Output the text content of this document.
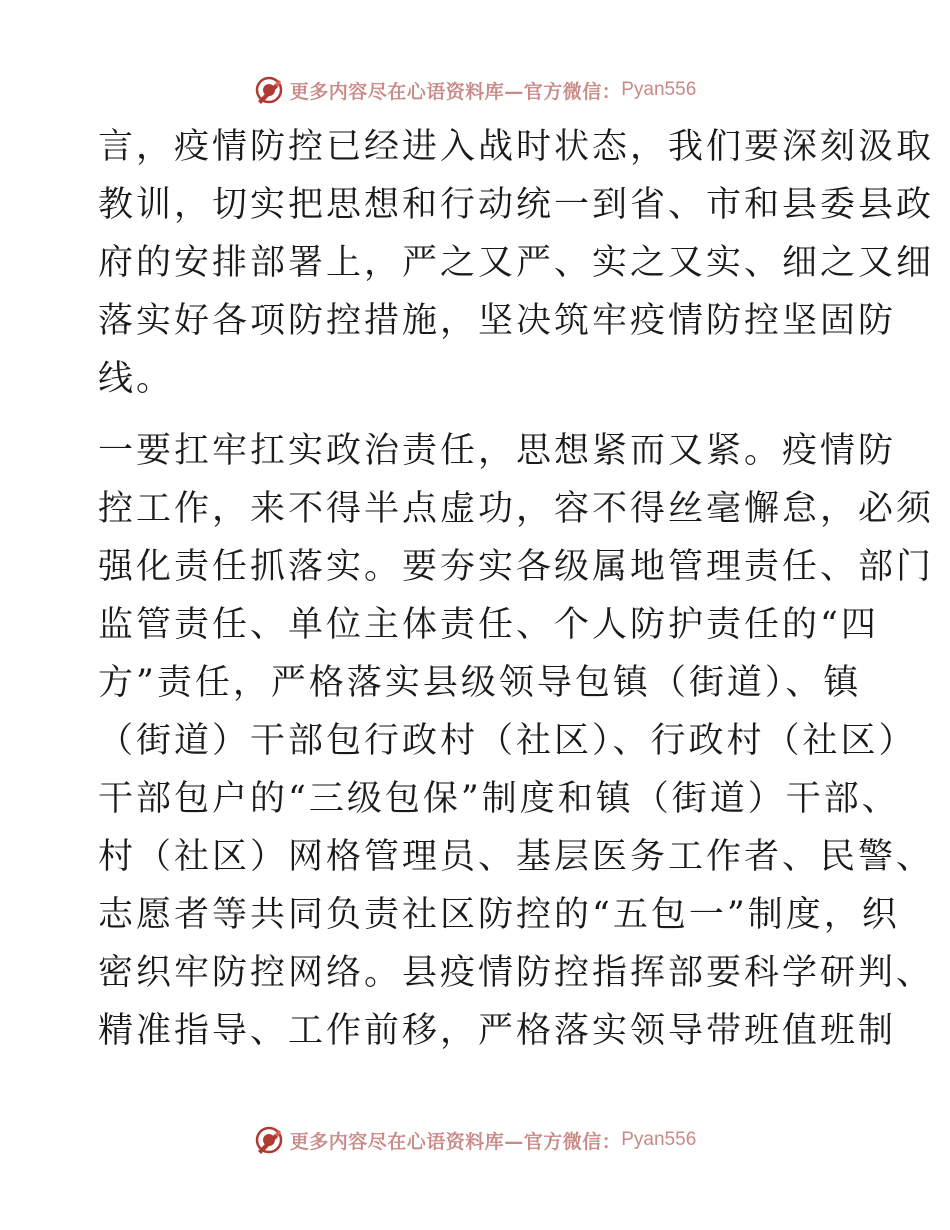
更多内容尽在心语资料库—官方微信： Pyan556
言，疫情防控已经进入战时状态，我们要深刻汲取
教训，切实把思想和行动统一到省、市和县委县政
府的安排部署上，严之又严、实之又实、细之又细
落实好各项防控措施，坚决筑牢疫情防控坚固防
线。
一要扛牢扛实政治责任，思想紧而又紧。疫情防
控工作，来不得半点虚功，容不得丝毫懈怠，必须
强化责任抓落实。要夯实各级属地管理责任、部门
监管责任、单位主体责任、个人防护责任的“四
方”责任，严格落实县级领导包镇（街道）、镇
（街道）干部包行政村（社区）、行政村（社区）
干部包户的“三级包保”制度和镇（街道）干部、
村（社区）网格管理员、基层医务工作者、民警、
志愿者等共同负责社区防控的“五包一”制度，织
密织牢防控网络。县疫情防控指挥部要科学研判、
精准指导、工作前移，严格落实领导带班值班制
更多内容尽在心语资料库—官方微信： Pyan556
